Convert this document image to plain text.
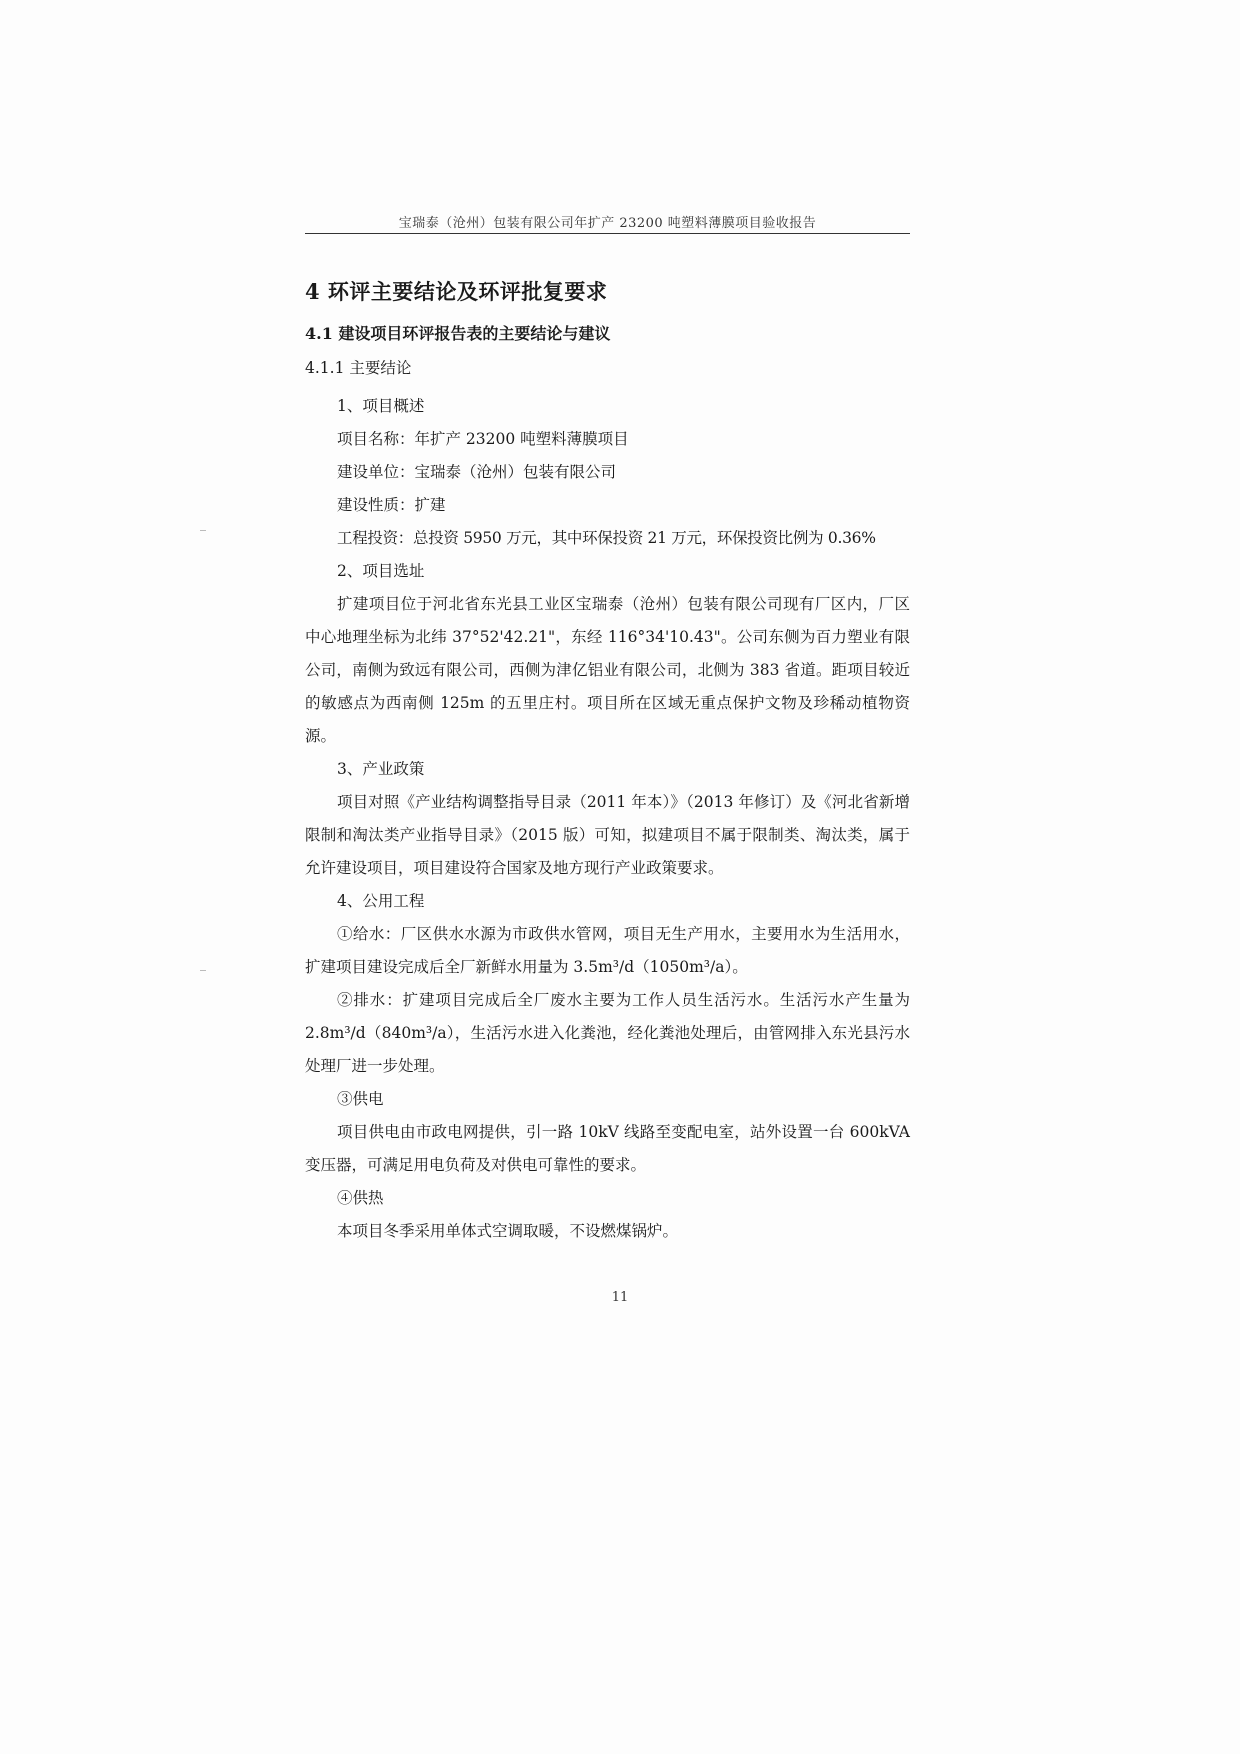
宝瑞泰（沧州）包装有限公司年扩产 23200 吨塑料薄膜项目验收报告
4 环评主要结论及环评批复要求
4.1 建设项目环评报告表的主要结论与建议
4.1.1 主要结论
1、项目概述
项目名称：年扩产 23200 吨塑料薄膜项目
建设单位：宝瑞泰（沧州）包装有限公司
建设性质：扩建
工程投资：总投资 5950 万元，其中环保投资 21 万元，环保投资比例为 0.36%
2、项目选址

扩建项目位于河北省东光县工业区宝瑞泰（沧州）包装有限公司现有厂区内，厂区中心地理坐标为北纬 37°52'42.21"，东经 116°34'10.43"。公司东侧为百力塑业有限公司，南侧为致远有限公司，西侧为津亿铝业有限公司，北侧为 383 省道。距项目较近的敏感点为西南侧 125m 的五里庄村。项目所在区域无重点保护文物及珍稀动植物资源。

3、产业政策

项目对照《产业结构调整指导目录（2011 年本）》（2013 年修订）及《河北省新增限制和淘汰类产业指导目录》（2015 版）可知，拟建项目不属于限制类、淘汰类，属于允许建设项目，项目建设符合国家及地方现行产业政策要求。

4、公用工程

①给水：厂区供水水源为市政供水管网，项目无生产用水，主要用水为生活用水，扩建项目建设完成后全厂新鲜水用量为 3.5m³/d（1050m³/a）。

②排水：扩建项目完成后全厂废水主要为工作人员生活污水。生活污水产生量为 2.8m³/d（840m³/a），生活污水进入化粪池，经化粪池处理后，由管网排入东光县污水处理厂进一步处理。

③供电

项目供电由市政电网提供，引一路 10kV 线路至变配电室，站外设置一台 600kVA 变压器，可满足用电负荷及对供电可靠性的要求。

④供热

本项目冬季采用单体式空调取暖，不设燃煤锅炉。

11
